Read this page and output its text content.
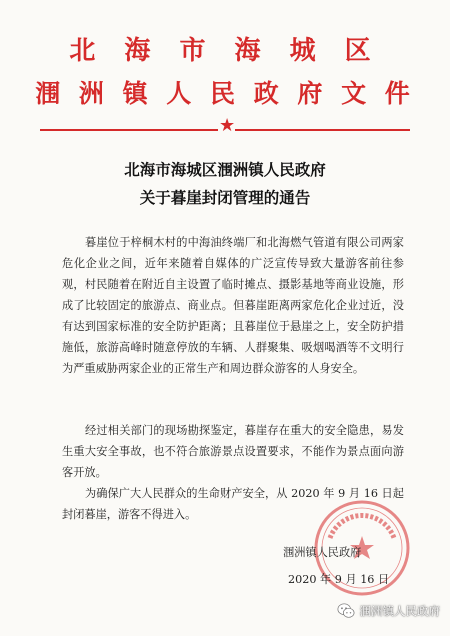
北 海 市 海 城 区
涠 洲 镇 人 民 政 府 文 件
★
北海市海城区涠洲镇人民政府
关于暮崖封闭管理的通告
暮崖位于梓桐木村的中海油终端厂和北海燃气管道有限公司两家危化企业之间，近年来随着自媒体的广泛宣传导致大量游客前往参观，村民随着在附近自主设置了临时摊点、摄影基地等商业设施，形成了比较固定的旅游点、商业点。但暮崖距离两家危化企业过近，没有达到国家标准的安全防护距离；且暮崖位于悬崖之上，安全防护措施低，旅游高峰时随意停放的车辆、人群聚集、吸烟喝酒等不文明行为严重威胁两家企业的正常生产和周边群众游客的人身安全。
经过相关部门的现场勘探鉴定，暮崖存在重大的安全隐患，易发生重大安全事故，也不符合旅游景点设置要求，不能作为景点面向游客开放。
为确保广大人民群众的生命财产安全，从 2020 年 9 月 16 日起封闭暮崖，游客不得进入。
涠洲镇人民政府
2020 年 9 月 16 日
涠洲镇人民政府
